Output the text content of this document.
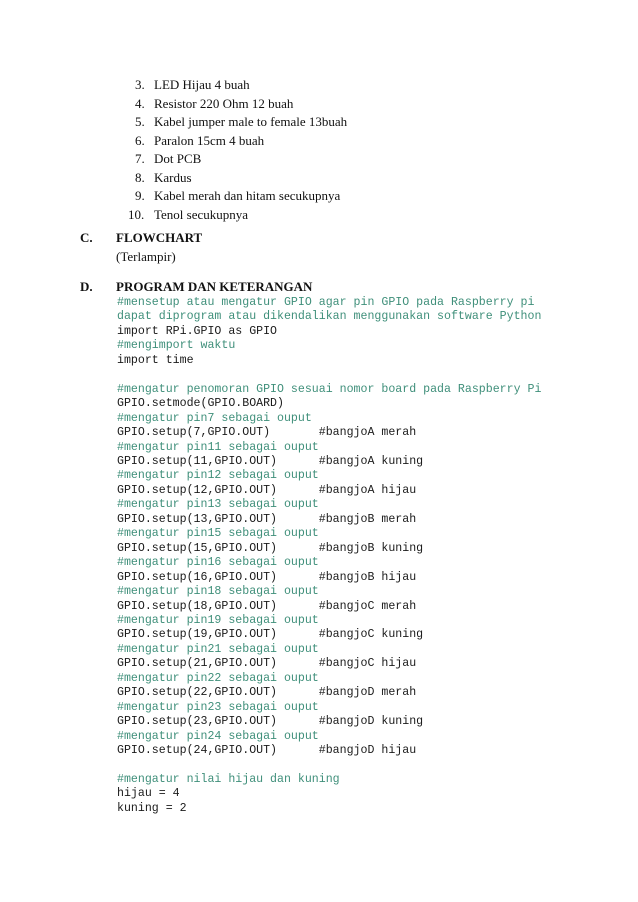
3. LED Hijau 4 buah
4. Resistor 220 Ohm 12 buah
5. Kabel jumper male to female 13buah
6. Paralon 15cm 4 buah
7. Dot PCB
8. Kardus
9. Kabel merah dan hitam secukupnya
10. Tenol secukupnya
C.	FLOWCHART
(Terlampir)
D.	PROGRAM DAN KETERANGAN
#mensetup atau mengatur GPIO agar pin GPIO pada Raspberry pi
dapat diprogram atau dikendalikan menggunakan software Python
import RPi.GPIO as GPIO
#mengimport waktu
import time
#mengatur penomoran GPIO sesuai nomor board pada Raspberry Pi
GPIO.setmode(GPIO.BOARD)
#mengatur pin7 sebagai ouput
GPIO.setup(7,GPIO.OUT)       #bangjoA merah
#mengatur pin11 sebagai ouput
GPIO.setup(11,GPIO.OUT)      #bangjoA kuning
#mengatur pin12 sebagai ouput
GPIO.setup(12,GPIO.OUT)      #bangjoA hijau
#mengatur pin13 sebagai ouput
GPIO.setup(13,GPIO.OUT)      #bangjoB merah
#mengatur pin15 sebagai ouput
GPIO.setup(15,GPIO.OUT)      #bangjoB kuning
#mengatur pin16 sebagai ouput
GPIO.setup(16,GPIO.OUT)      #bangjoB hijau
#mengatur pin18 sebagai ouput
GPIO.setup(18,GPIO.OUT)      #bangjoC merah
#mengatur pin19 sebagai ouput
GPIO.setup(19,GPIO.OUT)      #bangjoC kuning
#mengatur pin21 sebagai ouput
GPIO.setup(21,GPIO.OUT)      #bangjoC hijau
#mengatur pin22 sebagai ouput
GPIO.setup(22,GPIO.OUT)      #bangjoD merah
#mengatur pin23 sebagai ouput
GPIO.setup(23,GPIO.OUT)      #bangjoD kuning
#mengatur pin24 sebagai ouput
GPIO.setup(24,GPIO.OUT)      #bangjoD hijau
#mengatur nilai hijau dan kuning
hijau = 4
kuning = 2
